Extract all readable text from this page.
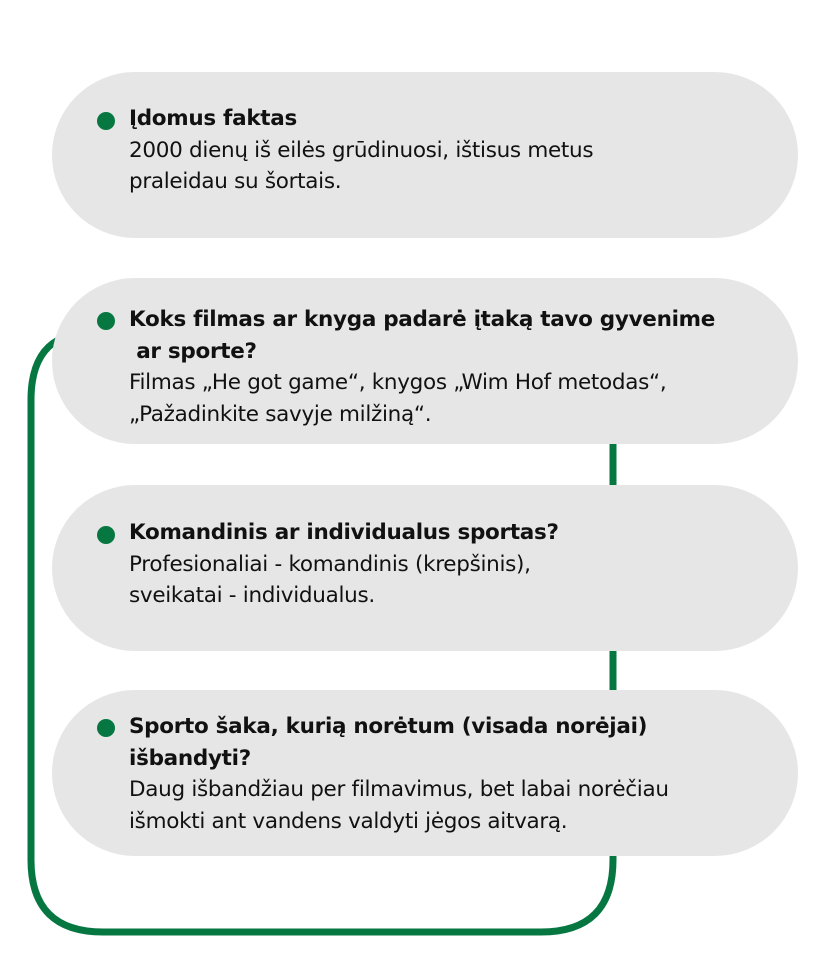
Įdomus faktas
2000 dienų iš eilės grūdinuosi, ištisus metus
praleidau su šortais.
Koks filmas ar knyga padarė įtaką tavo gyvenime
ar sporte?
Filmas „He got game“, knygos „Wim Hof metodas“,
„Pažadinkite savyje milžiną“.
Komandinis ar individualus sportas?
Profesionaliai - komandinis (krepšinis),
sveikatai - individualus.
Sporto šaka, kurią norėtum (visada norėjai)
išbandyti?
Daug išbandžiau per filmavimus, bet labai norėčiau
išmokti ant vandens valdyti jėgos aitvarą.
